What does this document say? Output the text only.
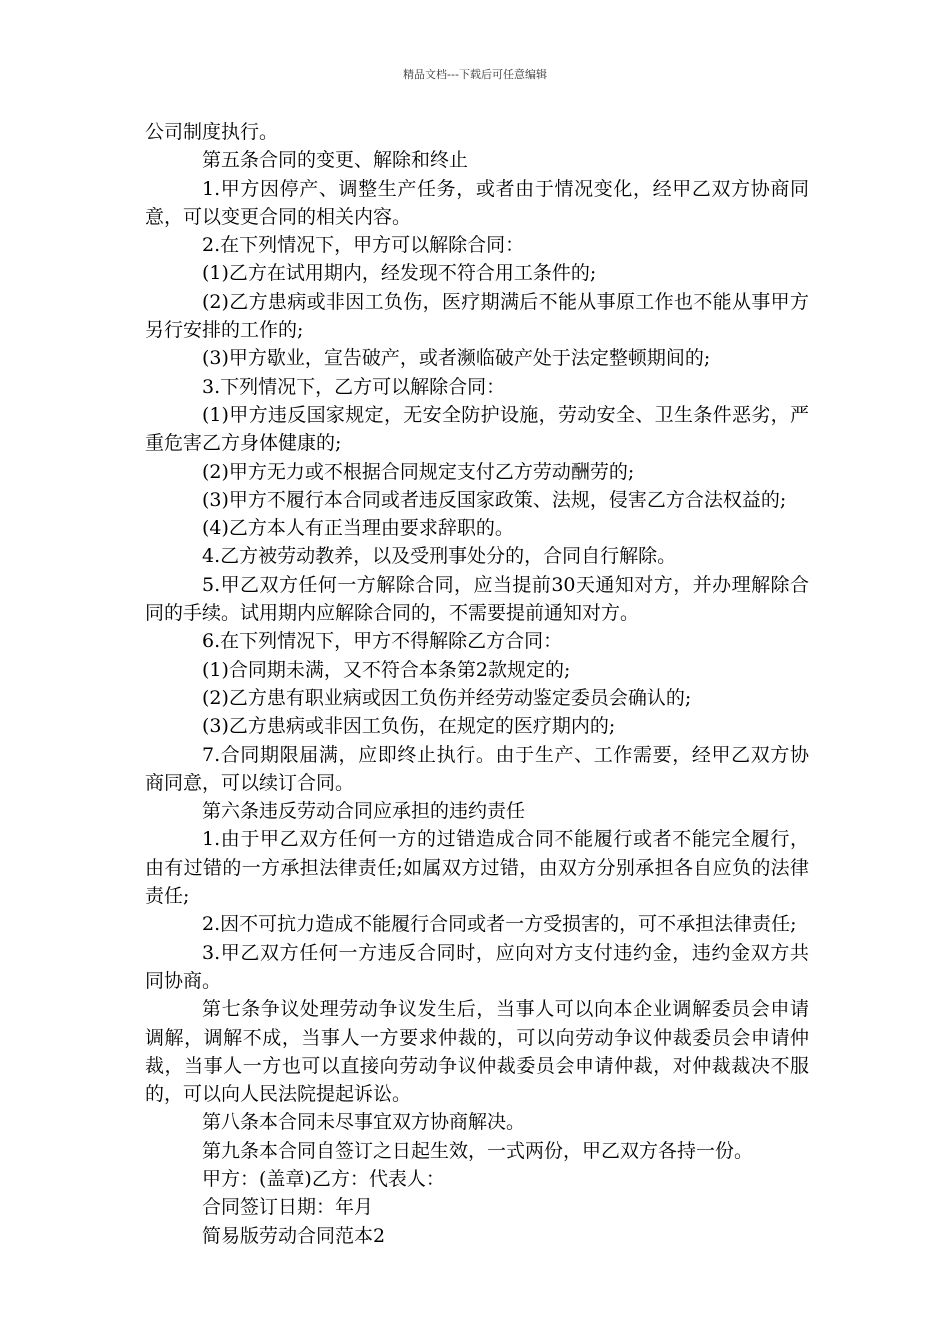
精品文档---下载后可任意编辑

公司制度执行。

第五条合同的变更、解除和终止

1.甲方因停产、调整生产任务，或者由于情况变化，经甲乙双方协商同意，可以变更合同的相关内容。

2.在下列情况下，甲方可以解除合同：

(1)乙方在试用期内，经发现不符合用工条件的;

(2)乙方患病或非因工负伤，医疗期满后不能从事原工作也不能从事甲方另行安排的工作的;

(3)甲方歇业，宣告破产，或者濒临破产处于法定整顿期间的;

3.下列情况下，乙方可以解除合同：

(1)甲方违反国家规定，无安全防护设施，劳动安全、卫生条件恶劣，严重危害乙方身体健康的;

(2)甲方无力或不根据合同规定支付乙方劳动酬劳的;

(3)甲方不履行本合同或者违反国家政策、法规，侵害乙方合法权益的;

(4)乙方本人有正当理由要求辞职的。

4.乙方被劳动教养，以及受刑事处分的，合同自行解除。

5.甲乙双方任何一方解除合同，应当提前30天通知对方，并办理解除合同的手续。试用期内应解除合同的，不需要提前通知对方。

6.在下列情况下，甲方不得解除乙方合同：

(1)合同期未满，又不符合本条第2款规定的;

(2)乙方患有职业病或因工负伤并经劳动鉴定委员会确认的;

(3)乙方患病或非因工负伤，在规定的医疗期内的;

7.合同期限届满，应即终止执行。由于生产、工作需要，经甲乙双方协商同意，可以续订合同。

第六条违反劳动合同应承担的违约责任

1.由于甲乙双方任何一方的过错造成合同不能履行或者不能完全履行，由有过错的一方承担法律责任;如属双方过错，由双方分别承担各自应负的法律责任;

2.因不可抗力造成不能履行合同或者一方受损害的，可不承担法律责任;

3.甲乙双方任何一方违反合同时，应向对方支付违约金，违约金双方共同协商。

第七条争议处理劳动争议发生后，当事人可以向本企业调解委员会申请调解，调解不成，当事人一方要求仲裁的，可以向劳动争议仲裁委员会申请仲裁，当事人一方也可以直接向劳动争议仲裁委员会申请仲裁，对仲裁裁决不服的，可以向人民法院提起诉讼。

第八条本合同未尽事宜双方协商解决。

第九条本合同自签订之日起生效，一式两份，甲乙双方各持一份。

甲方：(盖章)乙方：代表人：

合同签订日期：年月

简易版劳动合同范本2
